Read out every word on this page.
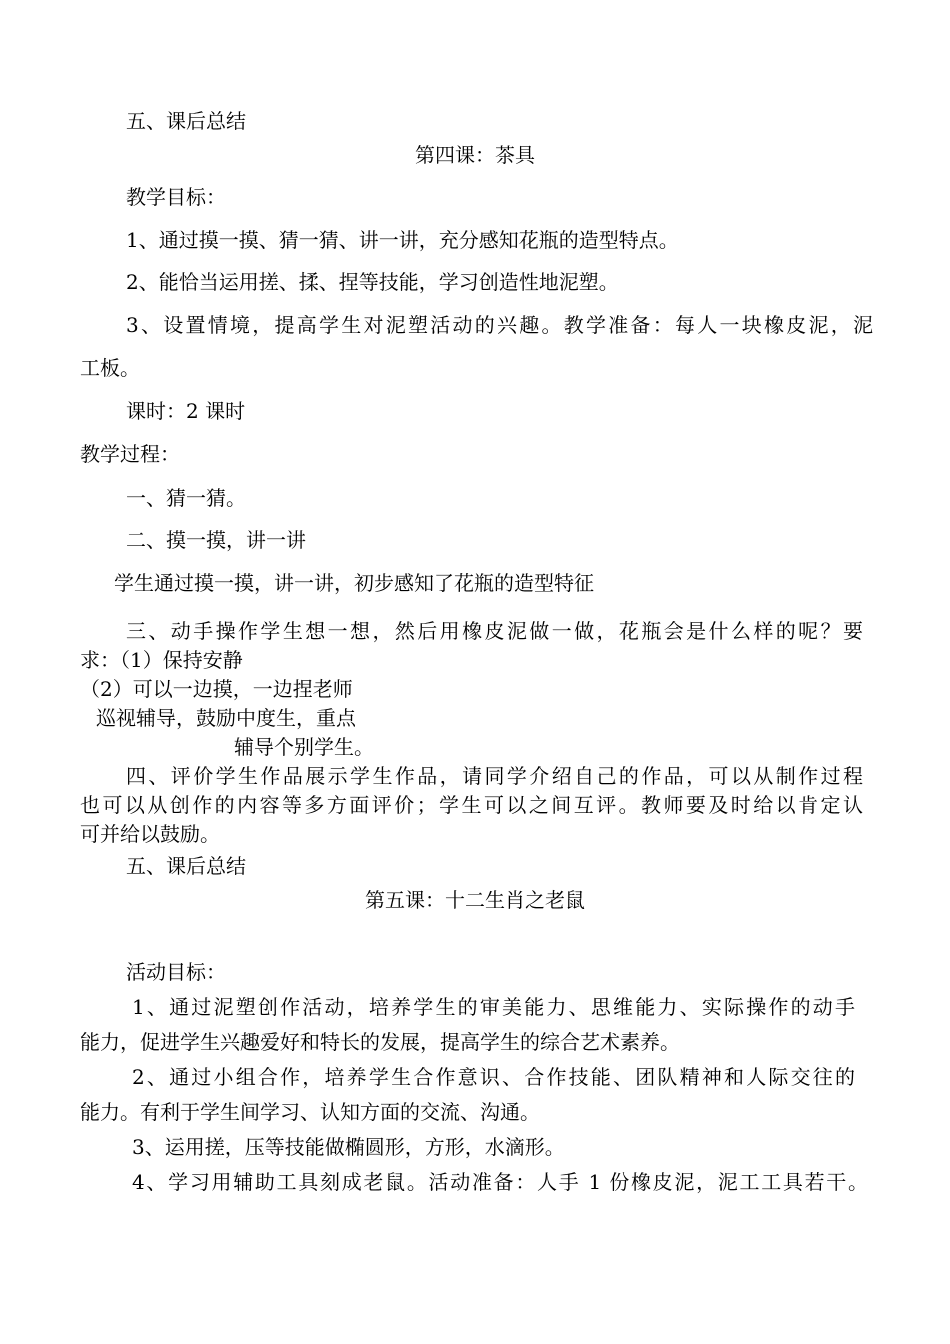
五、课后总结
第四课：茶具
教学目标：
1、通过摸一摸、猜一猜、讲一讲，充分感知花瓶的造型特点。
2、能恰当运用搓、揉、捏等技能，学习创造性地泥塑。
3、设置情境，提高学生对泥塑活动的兴趣。教学准备：每人一块橡皮泥，泥
工板。
课时：2 课时
教学过程：
一、猜一猜。
二、摸一摸，讲一讲
学生通过摸一摸，讲一讲，初步感知了花瓶的造型特征
三、动手操作学生想一想，然后用橡皮泥做一做，花瓶会是什么样的呢？要
求：（1）保持安静
（2）可以一边摸，一边捏老师
巡视辅导，鼓励中度生，重点
辅导个别学生。
四、评价学生作品展示学生作品，请同学介绍自己的作品，可以从制作过程
也可以从创作的内容等多方面评价；学生可以之间互评。教师要及时给以肯定认
可并给以鼓励。
五、课后总结
第五课：十二生肖之老鼠
活动目标：
1、通过泥塑创作活动，培养学生的审美能力、思维能力、实际操作的动手
能力，促进学生兴趣爱好和特长的发展，提高学生的综合艺术素养。
2、通过小组合作，培养学生合作意识、合作技能、团队精神和人际交往的
能力。有利于学生间学习、认知方面的交流、沟通。
3、运用搓，压等技能做椭圆形，方形，水滴形。
4、学习用辅助工具刻成老鼠。活动准备：人手 1 份橡皮泥，泥工工具若干。
